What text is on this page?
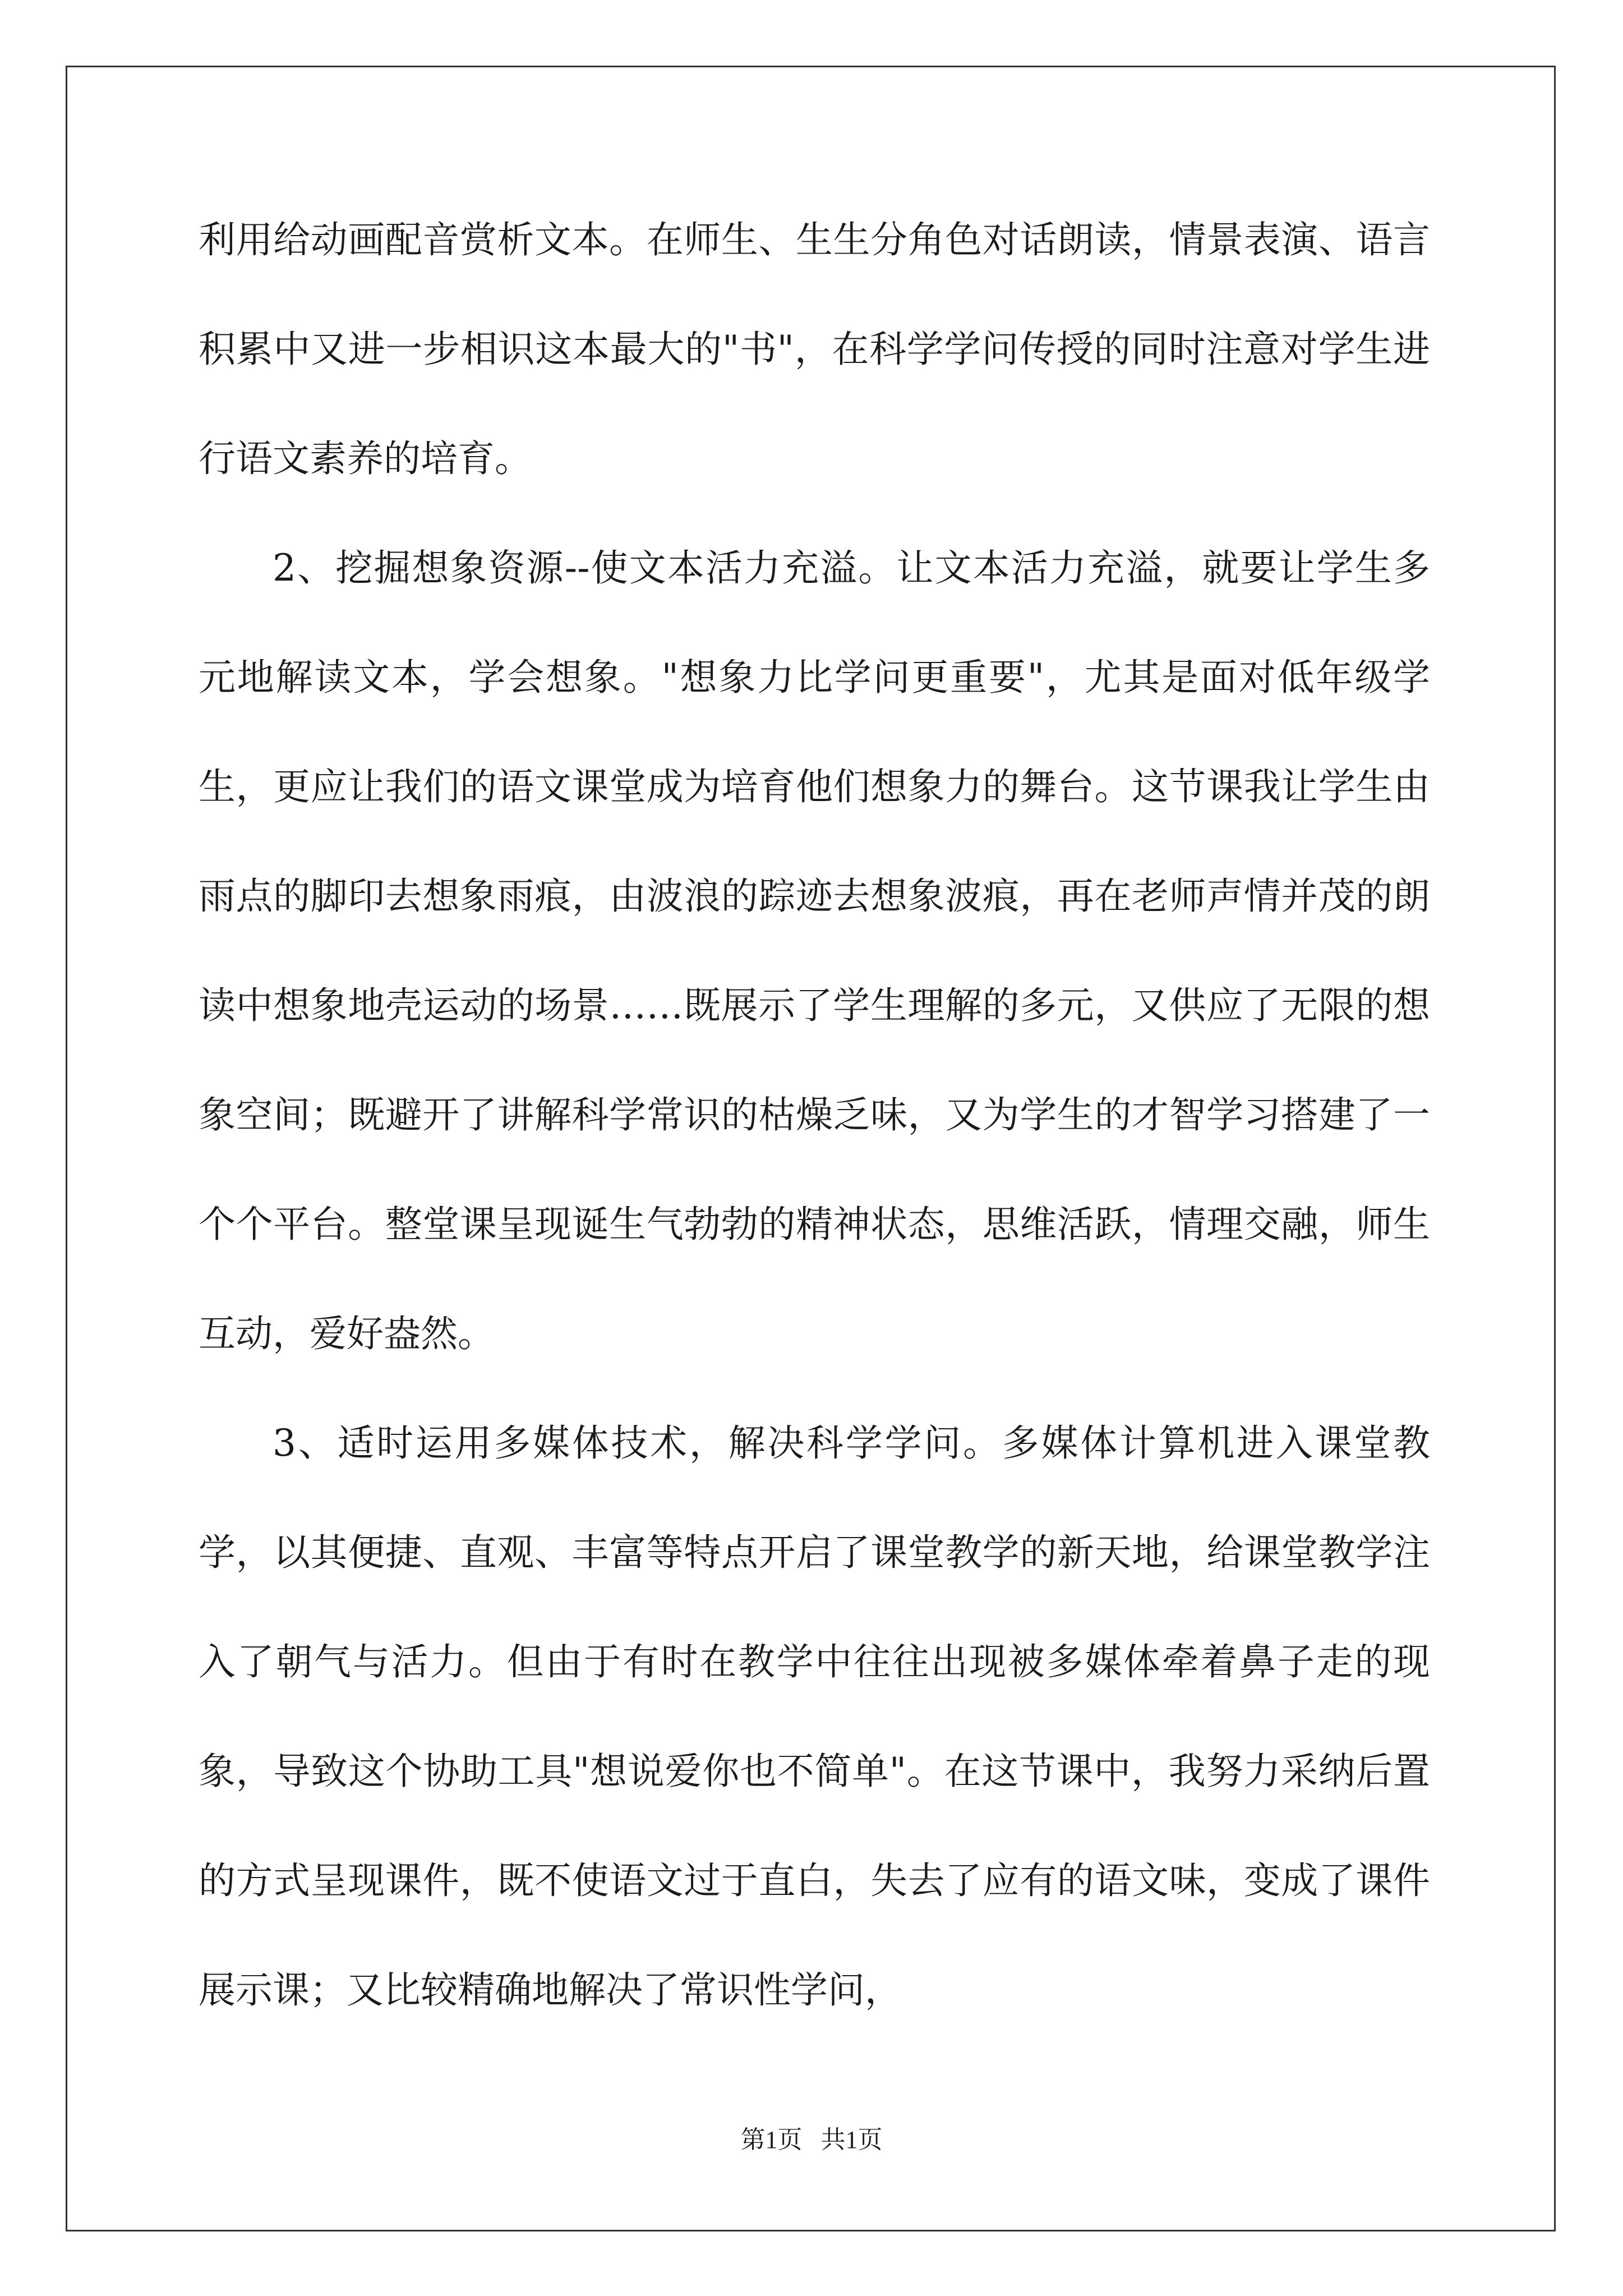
利用给动画配音赏析文本。在师生、生生分角色对话朗读，情景表演、语言积累中又进一步相识这本最大的"书"，在科学学问传授的同时注意对学生进行语文素养的培育。

2、挖掘想象资源--使文本活力充溢。让文本活力充溢，就要让学生多元地解读文本，学会想象。"想象力比学问更重要"，尤其是面对低年级学生，更应让我们的语文课堂成为培育他们想象力的舞台。这节课我让学生由雨点的脚印去想象雨痕，由波浪的踪迹去想象波痕，再在老师声情并茂的朗读中想象地壳运动的场景……既展示了学生理解的多元，又供应了无限的想象空间；既避开了讲解科学常识的枯燥乏味，又为学生的才智学习搭建了一个个平台。整堂课呈现诞生气勃勃的精神状态，思维活跃，情理交融，师生互动，爱好盎然。

3、适时运用多媒体技术，解决科学学问。多媒体计算机进入课堂教学，以其便捷、直观、丰富等特点开启了课堂教学的新天地，给课堂教学注入了朝气与活力。但由于有时在教学中往往出现被多媒体牵着鼻子走的现象，导致这个协助工具"想说爱你也不简单"。在这节课中，我努力采纳后置的方式呈现课件，既不使语文过于直白，失去了应有的语文味，变成了课件展示课；又比较精确地解决了常识性学问，

第1页   共1页
